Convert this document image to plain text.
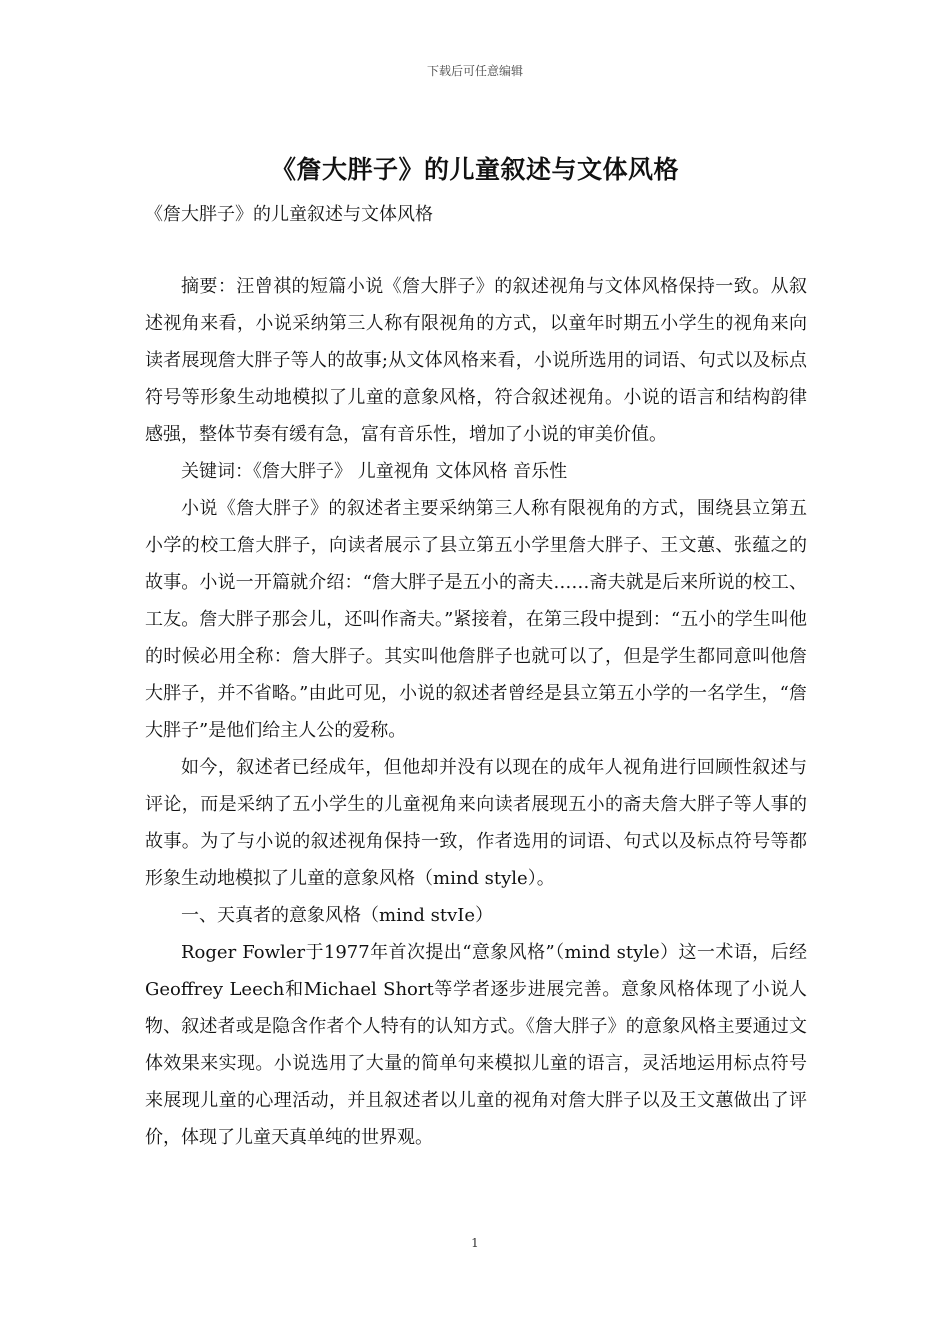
下载后可任意编辑
《詹大胖子》的儿童叙述与文体风格
《詹大胖子》的儿童叙述与文体风格

摘要：汪曾祺的短篇小说《詹大胖子》的叙述视角与文体风格保持一致。从叙述视角来看，小说采纳第三人称有限视角的方式，以童年时期五小学生的视角来向读者展现詹大胖子等人的故事;从文体风格来看，小说所选用的词语、句式以及标点符号等形象生动地模拟了儿童的意象风格，符合叙述视角。小说的语言和结构韵律感强，整体节奏有缓有急，富有音乐性，增加了小说的审美价值。

关键词：《詹大胖子》 儿童视角 文体风格 音乐性

小说《詹大胖子》的叙述者主要采纳第三人称有限视角的方式，围绕县立第五小学的校工詹大胖子，向读者展示了县立第五小学里詹大胖子、王文蕙、张蕴之的故事。小说一开篇就介绍：“詹大胖子是五小的斋夫……斋夫就是后来所说的校工、工友。詹大胖子那会儿，还叫作斋夫。”紧接着，在第三段中提到：“五小的学生叫他的时候必用全称：詹大胖子。其实叫他詹胖子也就可以了，但是学生都同意叫他詹大胖子，并不省略。”由此可见，小说的叙述者曾经是县立第五小学的一名学生，“詹大胖子”是他们给主人公的爱称。

如今，叙述者已经成年，但他却并没有以现在的成年人视角进行回顾性叙述与评论，而是采纳了五小学生的儿童视角来向读者展现五小的斋夫詹大胖子等人事的故事。为了与小说的叙述视角保持一致，作者选用的词语、句式以及标点符号等都形象生动地模拟了儿童的意象风格（mind style）。

一、天真者的意象风格（mind stvIe）

Roger Fowler于1977年首次提出“意象风格”（mind style）这一术语，后经Geoffrey Leech和Michael Short等学者逐步进展完善。意象风格体现了小说人物、叙述者或是隐含作者个人特有的认知方式。《詹大胖子》的意象风格主要通过文体效果来实现。小说选用了大量的简单句来模拟儿童的语言，灵活地运用标点符号来展现儿童的心理活动，并且叙述者以儿童的视角对詹大胖子以及王文蕙做出了评价，体现了儿童天真单纯的世界观。

1
